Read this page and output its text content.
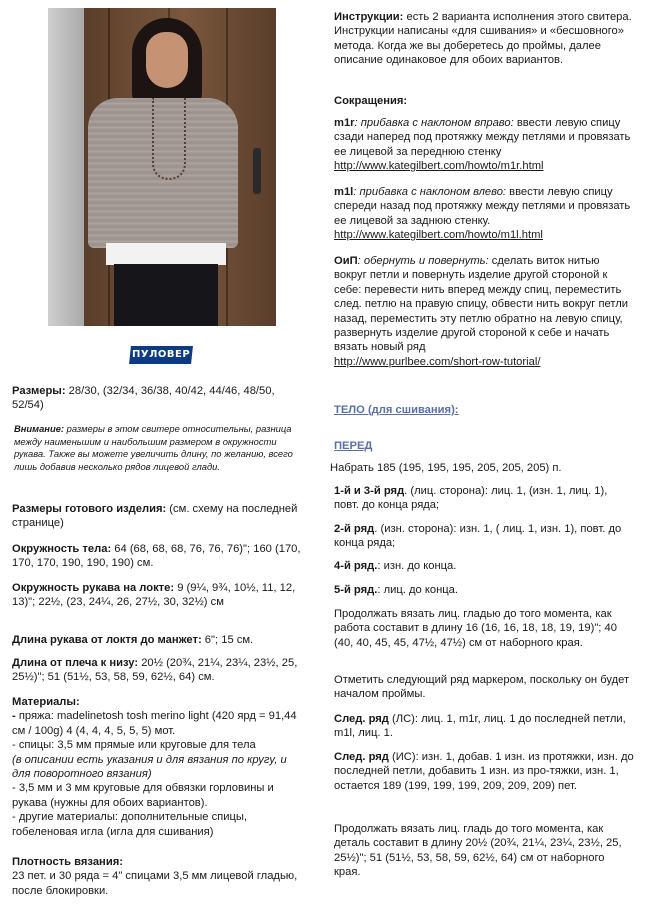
ПУЛОВЕР
Размеры: 28/30, (32/34, 36/38, 40/42, 44/46, 48/50, 52/54)
Внимание: размеры в этом свитере относительны, разница между наименьшим и наибольшим размером в окружности рукава. Также вы можете увеличить длину, по желанию, всего лишь добавив несколько рядов лицевой глади.
Размеры готового изделия: (см. схему на последней странице)
Окружность тела: 64 (68, 68, 68, 76, 76, 76)"; 160 (170, 170, 170, 190, 190, 190) см.
Окружность рукава на локте: 9 (9¼, 9¾, 10½, 11, 12, 13)"; 22½, (23, 24¼, 26, 27½, 30, 32½) см
Длина рукава от локтя до манжет: 6"; 15 см.
Длина от плеча к низу: 20½ (20¾, 21¼, 23¼, 23½, 25, 25½)"; 51 (51½, 53, 58, 59, 62½, 64) см.
Материалы:
- пряжа: madelinetosh tosh merino light (420 ярд = 91,44 см / 100g) 4 (4, 4, 4, 5, 5, 5) мот.
- спицы: 3,5 мм прямые или круговые для тела
(в описании есть указания и для вязания по кругу, и для поворотного вязания)
- 3,5 мм и 3 мм круговые для обвязки горловины и рукава (нужны для обоих вариантов).
- другие материалы: дополнительные спицы, гобеленовая игла (игла для сшивания)
Плотность вязания:
23 пет. и 30 ряда = 4" спицами 3,5 мм лицевой гладью, после блокировки.
Инструкции: есть 2 варианта исполнения этого свитера. Инструкции написаны «для сшивания» и «бесшовного» метода. Когда же вы доберетесь до проймы, далее описание одинаковое для обоих вариантов.
Сокращения:
m1r: прибавка с наклоном вправо: ввести левую спицу сзади наперед под протяжку между петлями и провязать ее лицевой за переднюю стенку
http://www.kategilbert.com/howto/m1r.html
m1l: прибавка с наклоном влево: ввести левую спицу спереди назад под протяжку между петлями и провязать ее лицевой за заднюю стенку.
http://www.kategilbert.com/howto/m1l.html
ОиП: обернуть и повернуть: сделать виток нитью вокруг петли и повернуть изделие другой стороной к себе: перевести нить вперед между спиц, переместить след. петлю на правую спицу, обвести нить вокруг петли назад, переместить эту петлю обратно на левую спицу, развернуть изделие другой стороной к себе и начать вязать новый ряд
http://www.purlbee.com/short-row-tutorial/
ТЕЛО (для сшивания):
ПЕРЕД
Набрать 185 (195, 195, 195, 205, 205, 205) п.
1-й и 3-й ряд. (лиц. сторона): лиц. 1, (изн. 1, лиц. 1), повт. до конца ряда;
2-й ряд. (изн. сторона): изн. 1, ( лиц. 1, изн. 1), повт. до конца ряда;
4-й ряд.: изн. до конца.
5-й ряд.: лиц. до конца.
Продолжать вязать лиц. гладью до того момента, как работа составит в длину 16 (16, 16, 18, 18, 19, 19)"; 40 (40, 40, 45, 45, 47½, 47½) см от наборного края.
Отметить следующий ряд маркером, поскольку он будет началом проймы.
След. ряд (ЛС): лиц. 1, m1r, лиц. 1 до последней петли, m1l, лиц. 1.
След. ряд (ИС): изн. 1, добав. 1 изн. из протяжки, изн. до последней петли, добавить 1 изн. из про-тяжки, изн. 1, остается 189 (199, 199, 199, 209, 209, 209) пет.
Продолжать вязать лиц. гладь до того момента, как деталь составит в длину 20½ (20¾, 21¼, 23¼, 23½, 25, 25½)"; 51 (51½, 53, 58, 59, 62½, 64) см от наборного края.
